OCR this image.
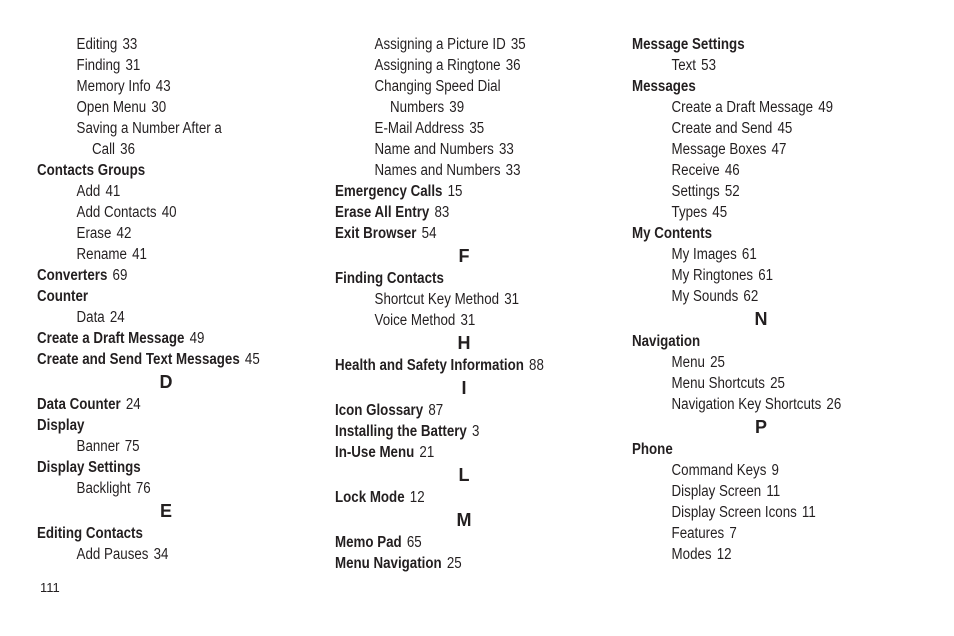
Editing 33
Finding 31
Memory Info 43
Open Menu 30
Saving a Number After a
Call 36
Contacts Groups
Add 41
Add Contacts 40
Erase 42
Rename 41
Converters 69
Counter
Data 24
Create a Draft Message 49
Create and Send Text Messages 45
D
Data Counter 24
Display
Banner 75
Display Settings
Backlight 76
E
Editing Contacts
Add Pauses 34
Assigning a Picture ID 35
Assigning a Ringtone 36
Changing Speed Dial
Numbers 39
E-Mail Address 35
Name and Numbers 33
Names and Numbers 33
Emergency Calls 15
Erase All Entry 83
Exit Browser 54
F
Finding Contacts
Shortcut Key Method 31
Voice Method 31
H
Health and Safety Information 88
I
Icon Glossary 87
Installing the Battery 3
In-Use Menu 21
L
Lock Mode 12
M
Memo Pad 65
Menu Navigation 25
Message Settings
Text 53
Messages
Create a Draft Message 49
Create and Send 45
Message Boxes 47
Receive 46
Settings 52
Types 45
My Contents
My Images 61
My Ringtones 61
My Sounds 62
N
Navigation
Menu 25
Menu Shortcuts 25
Navigation Key Shortcuts 26
P
Phone
Command Keys 9
Display Screen 11
Display Screen Icons 11
Features 7
Modes 12
111
